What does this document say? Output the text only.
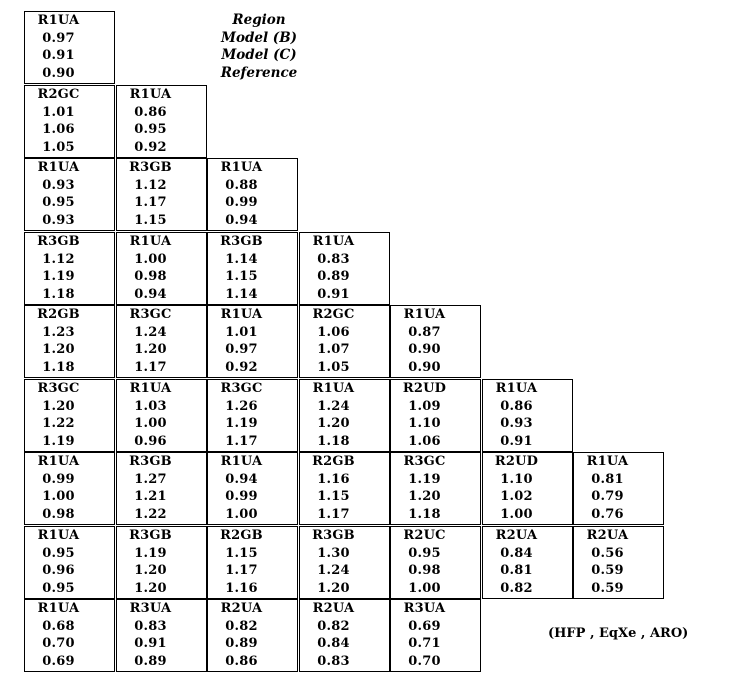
Region
Model (B)
Model (C)
Reference
R1UA
0.97
0.91
0.90
R2GC
1.01
1.06
1.05
R1UA
0.86
0.95
0.92
R1UA
0.93
0.95
0.93
R3GB
1.12
1.17
1.15
R1UA
0.88
0.99
0.94
R3GB
1.12
1.19
1.18
R1UA
1.00
0.98
0.94
R3GB
1.14
1.15
1.14
R1UA
0.83
0.89
0.91
R2GB
1.23
1.20
1.18
R3GC
1.24
1.20
1.17
R1UA
1.01
0.97
0.92
R2GC
1.06
1.07
1.05
R1UA
0.87
0.90
0.90
R3GC
1.20
1.22
1.19
R1UA
1.03
1.00
0.96
R3GC
1.26
1.19
1.17
R1UA
1.24
1.20
1.18
R2UD
1.09
1.10
1.06
R1UA
0.86
0.93
0.91
R1UA
0.99
1.00
0.98
R3GB
1.27
1.21
1.22
R1UA
0.94
0.99
1.00
R2GB
1.16
1.15
1.17
R3GC
1.19
1.20
1.18
R2UD
1.10
1.02
1.00
R1UA
0.81
0.79
0.76
R1UA
0.95
0.96
0.95
R3GB
1.19
1.20
1.20
R2GB
1.15
1.17
1.16
R3GB
1.30
1.24
1.20
R2UC
0.95
0.98
1.00
R2UA
0.84
0.81
0.82
R2UA
0.56
0.59
0.59
R1UA
0.68
0.70
0.69
R3UA
0.83
0.91
0.89
R2UA
0.82
0.89
0.86
R2UA
0.82
0.84
0.83
R3UA
0.69
0.71
0.70
(HFP , EqXe , ARO)
